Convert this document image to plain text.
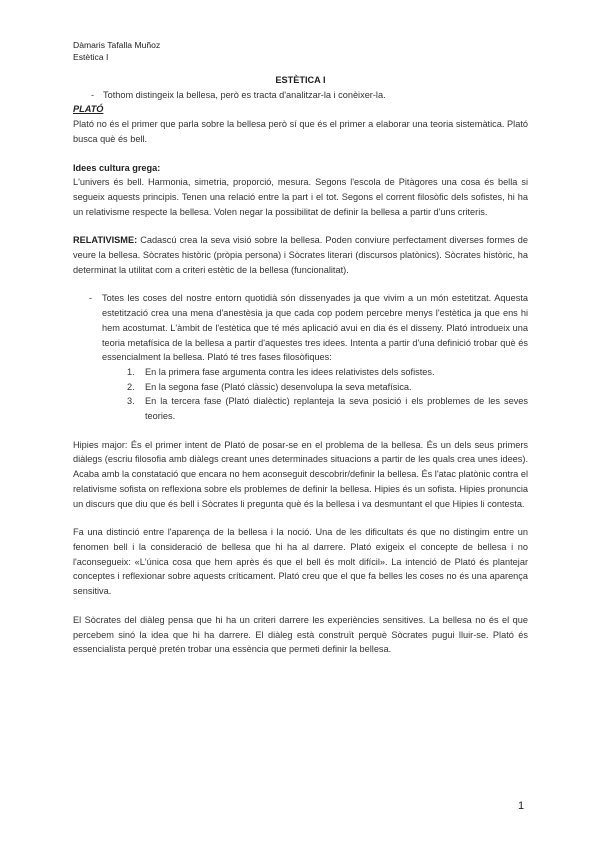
Dàmaris Tafalla Muñoz
Estètica I

ESTÈTICA I

- Tothom distingeix la bellesa, però es tracta d'analitzar-la i conèixer-la.

PLATÓ

Plató no és el primer que parla sobre la bellesa però sí que és el primer a elaborar una teoria sistemàtica. Plató busca què és bell.

Idees cultura grega:

L'univers és bell. Harmonia, simetria, proporció, mesura. Segons l'escola de Pitàgores una cosa és bella si segueix aquests principis. Tenen una relació entre la part i el tot. Segons el corrent filosòfic dels sofistes, hi ha un relativisme respecte la bellesa. Volen negar la possibilitat de definir la bellesa a partir d'uns criteris.

RELATIVISME: Cadascú crea la seva visió sobre la bellesa. Poden conviure perfectament diverses formes de veure la bellesa. Sòcrates històric (pròpia persona) i Sòcrates literari (discursos platònics). Sòcrates històric, ha determinat la utilitat com a criteri estètic de la bellesa (funcionalitat).

- Totes les coses del nostre entorn quotidià són dissenyades ja que vivim a un món estetitzat. Aquesta estetització crea una mena d'anestèsia ja que cada cop podem percebre menys l'estètica ja que ens hi hem acostumat. L'àmbit de l'estètica que té més aplicació avui en dia és el disseny. Plató introdueix una teoria metafísica de la bellesa a partir d'aquestes tres idees. Intenta a partir d'una definició trobar què és essencialment la bellesa. Plató té tres fases filosòfiques:

1. En la primera fase argumenta contra les idees relativistes dels sofistes.
2. En la segona fase (Plató clàssic) desenvolupa la seva metafísica.
3. En la tercera fase (Plató dialèctic) replanteja la seva posició i els problemes de les seves teories.

Hipies major: És el primer intent de Plató de posar-se en el problema de la bellesa. És un dels seus primers diàlegs (escriu filosofia amb diàlegs creant unes determinades situacions a partir de les quals crea unes idees). Acaba amb la constatació que encara no hem aconseguit descobrir/definir la bellesa. És l'atac platònic contra el relativisme sofista on reflexiona sobre els problemes de definir la bellesa. Hipies és un sofista. Hipies pronuncia un discurs que diu que és bell i Sòcrates li pregunta què és la bellesa i va desmuntant el que Hipies li contesta.

Fa una distinció entre l'aparença de la bellesa i la noció. Una de les dificultats és que no distingim entre un fenomen bell i la consideració de bellesa que hi ha al darrere. Plató exigeix el concepte de bellesa i no l'aconsegueix: «L'única cosa que hem après és que el bell és molt difícil». La intenció de Plató és plantejar conceptes i reflexionar sobre aquests críticament. Plató creu que el que fa belles les coses no és una aparença sensitiva.

El Sòcrates del diàleg pensa que hi ha un criteri darrere les experiències sensitives. La bellesa no és el que percebem sinó la idea que hi ha darrere. El diàleg està construït perquè Sòcrates pugui lluir-se. Plató és essencialista perquè pretén trobar una essència que permeti definir la bellesa.

1
